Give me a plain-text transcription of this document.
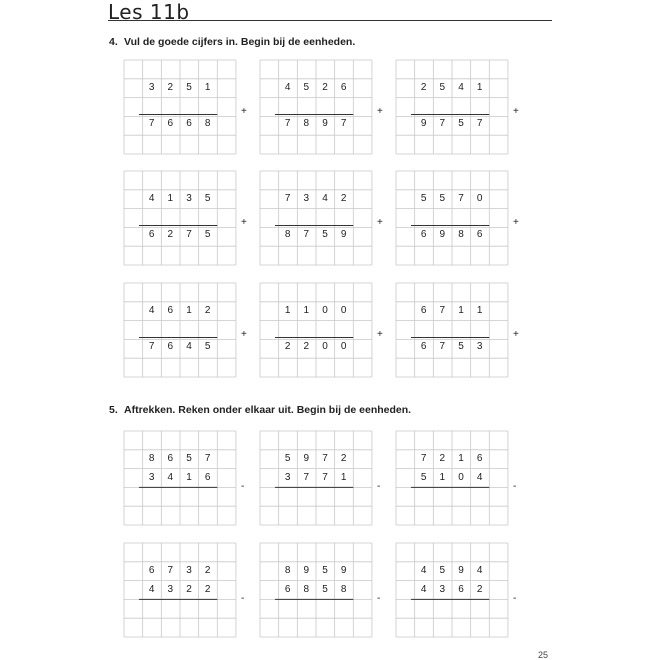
Les 11b
4. Vul de goede cijfers in. Begin bij de eenheden.
5. Aftrekken. Reken onder elkaar uit. Begin bij de eenheden.
3	2	5	1
7	6	6	8
+
4	5	2	6
7	8	9	7
+
2	5	4	1
9	7	5	7
+
4	1	3	5
6	2	7	5
+
7	3	4	2
8	7	5	9
+
5	5	7	0
6	9	8	6
+
4	6	1	2
7	6	4	5
+
1	1	0	0
2	2	0	0
+
6	7	1	1
6	7	5	3
+
8	6	5	7
3	4	1	6
-
5	9	7	2
3	7	7	1
-
7	2	1	6
5	1	0	4
-
6	7	3	2
4	3	2	2
-
8	9	5	9
6	8	5	8
-
4	5	9	4
4	3	6	2
-
25
